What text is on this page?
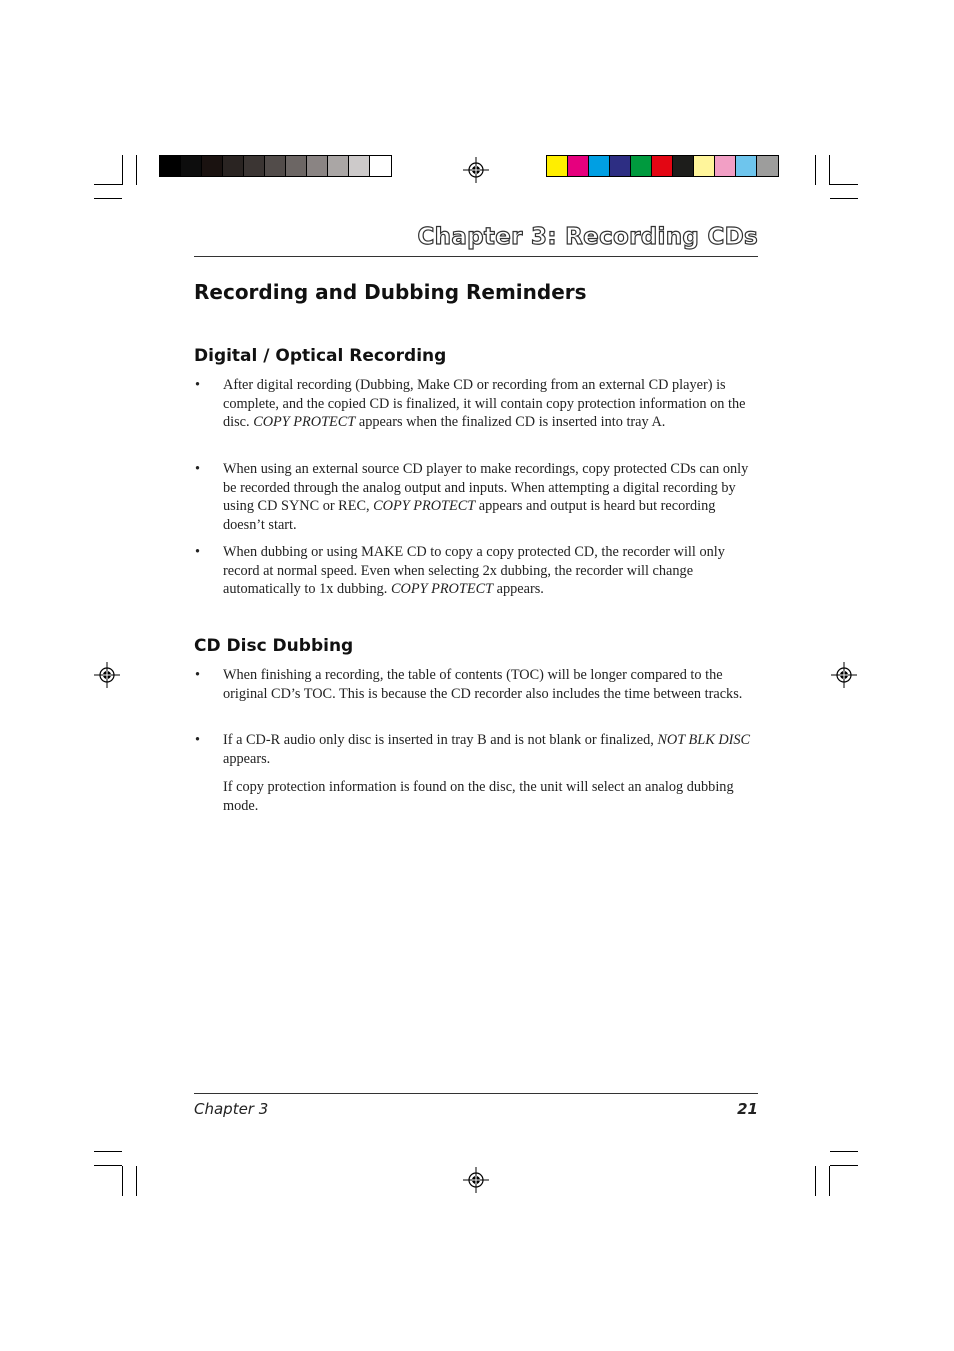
Chapter 3: Recording CDs
Recording and Dubbing Reminders
Digital / Optical Recording
• After digital recording (Dubbing, Make CD or recording from an external CD player) is complete, and the copied CD is finalized, it will contain copy protection information on the disc. COPY PROTECT appears when the finalized CD is inserted into tray A.
• When using an external source CD player to make recordings, copy protected CDs can only be recorded through the analog output and inputs. When attempting a digital recording by using CD SYNC or REC, COPY PROTECT appears and output is heard but recording doesn’t start.
• When dubbing or using MAKE CD to copy a copy protected CD, the recorder will only record at normal speed. Even when selecting 2x dubbing, the recorder will change automatically to 1x dubbing. COPY PROTECT appears.
CD Disc Dubbing
• When finishing a recording, the table of contents (TOC) will be longer compared to the original CD’s TOC. This is because the CD recorder also includes the time between tracks.
• If a CD-R audio only disc is inserted in tray B and is not blank or finalized, NOT BLK DISC appears.
If copy protection information is found on the disc, the unit will select an analog dubbing mode.
Chapter 3	21
